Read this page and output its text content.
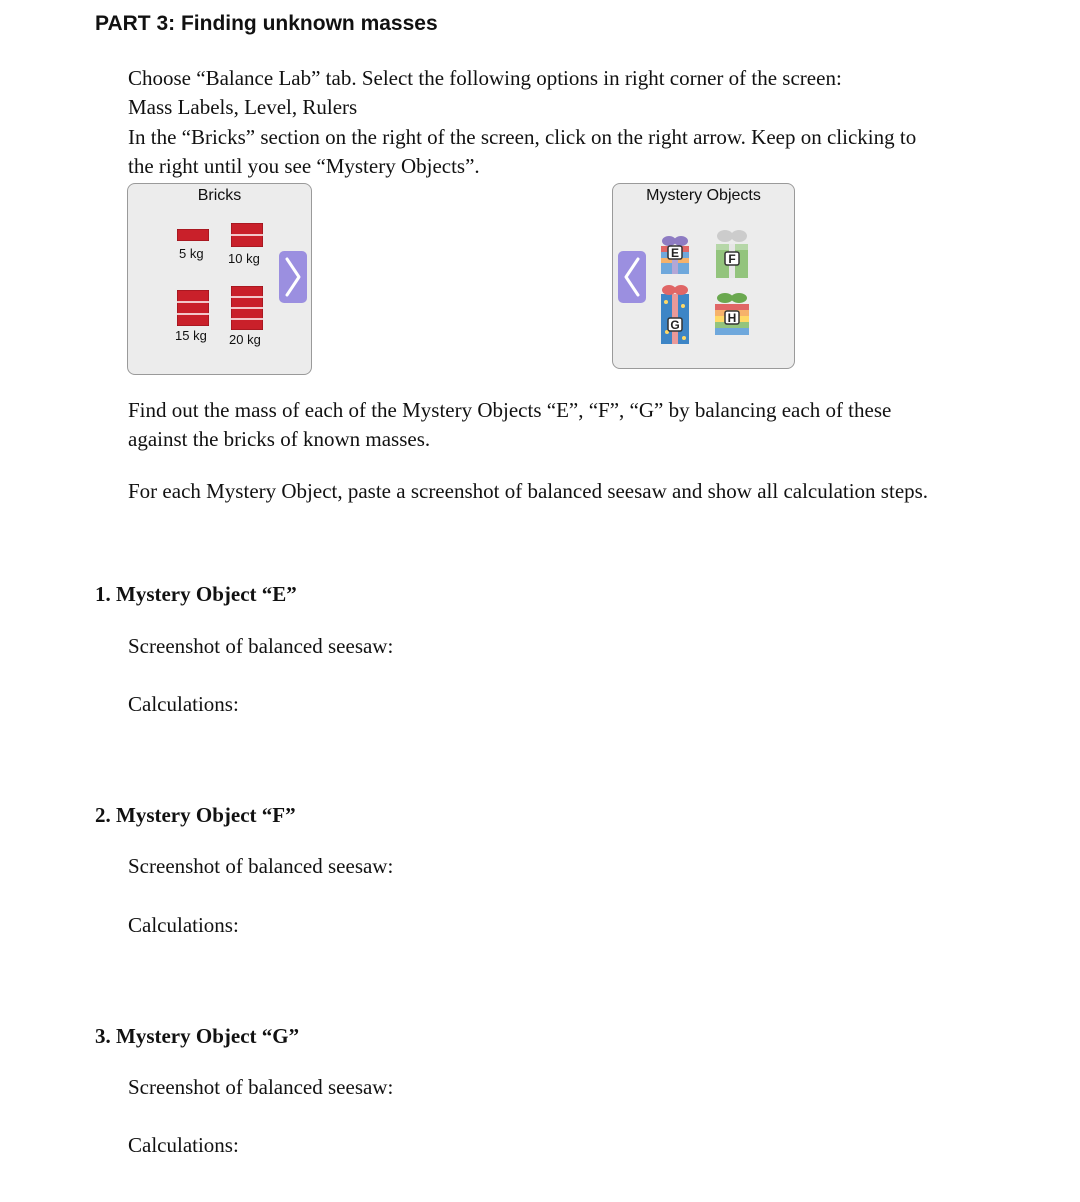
PART 3: Finding unknown masses
Choose “Balance Lab” tab. Select the following options in right corner of the screen:
Mass Labels, Level, Rulers
In the “Bricks” section on the right of the screen, click on the right arrow. Keep on clicking to
the right until you see “Mystery Objects”.
Bricks
5 kg 10 kg
15 kg 20 kg
Mystery Objects
E	F
G	H
Find out the mass of each of the Mystery Objects “E”, “F”, “G” by balancing each of these
against the bricks of known masses.
For each Mystery Object, paste a screenshot of balanced seesaw and show all calculation steps.
1. Mystery Object “E”
Screenshot of balanced seesaw:
Calculations:
2. Mystery Object “F”
Screenshot of balanced seesaw:
Calculations:
3. Mystery Object “G”
Screenshot of balanced seesaw:
Calculations:
